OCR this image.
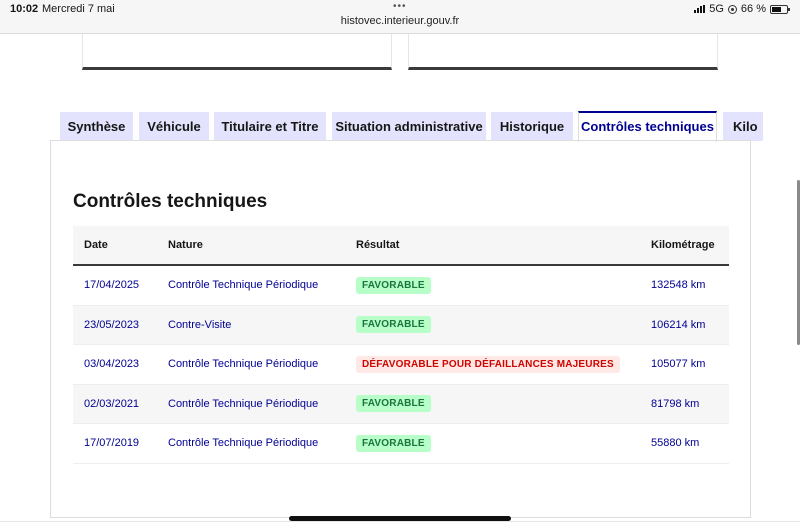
10:02 Mercredi 7 mai	•••
histovec.interieur.gouv.fr
5G 66 %
Synthèse	Véhicule	Titulaire et Titre	Situation administrative	Historique	Contrôles techniques	Kilo
Contrôles techniques
Date	Nature	Résultat	Kilométrage
17/04/2025	Contrôle Technique Périodique	FAVORABLE	132548 km
23/05/2023	Contre-Visite	FAVORABLE	106214 km
03/04/2023	Contrôle Technique Périodique	DÉFAVORABLE POUR DÉFAILLANCES MAJEURES	105077 km
02/03/2021	Contrôle Technique Périodique	FAVORABLE	81798 km
17/07/2019	Contrôle Technique Périodique	FAVORABLE	55880 km
